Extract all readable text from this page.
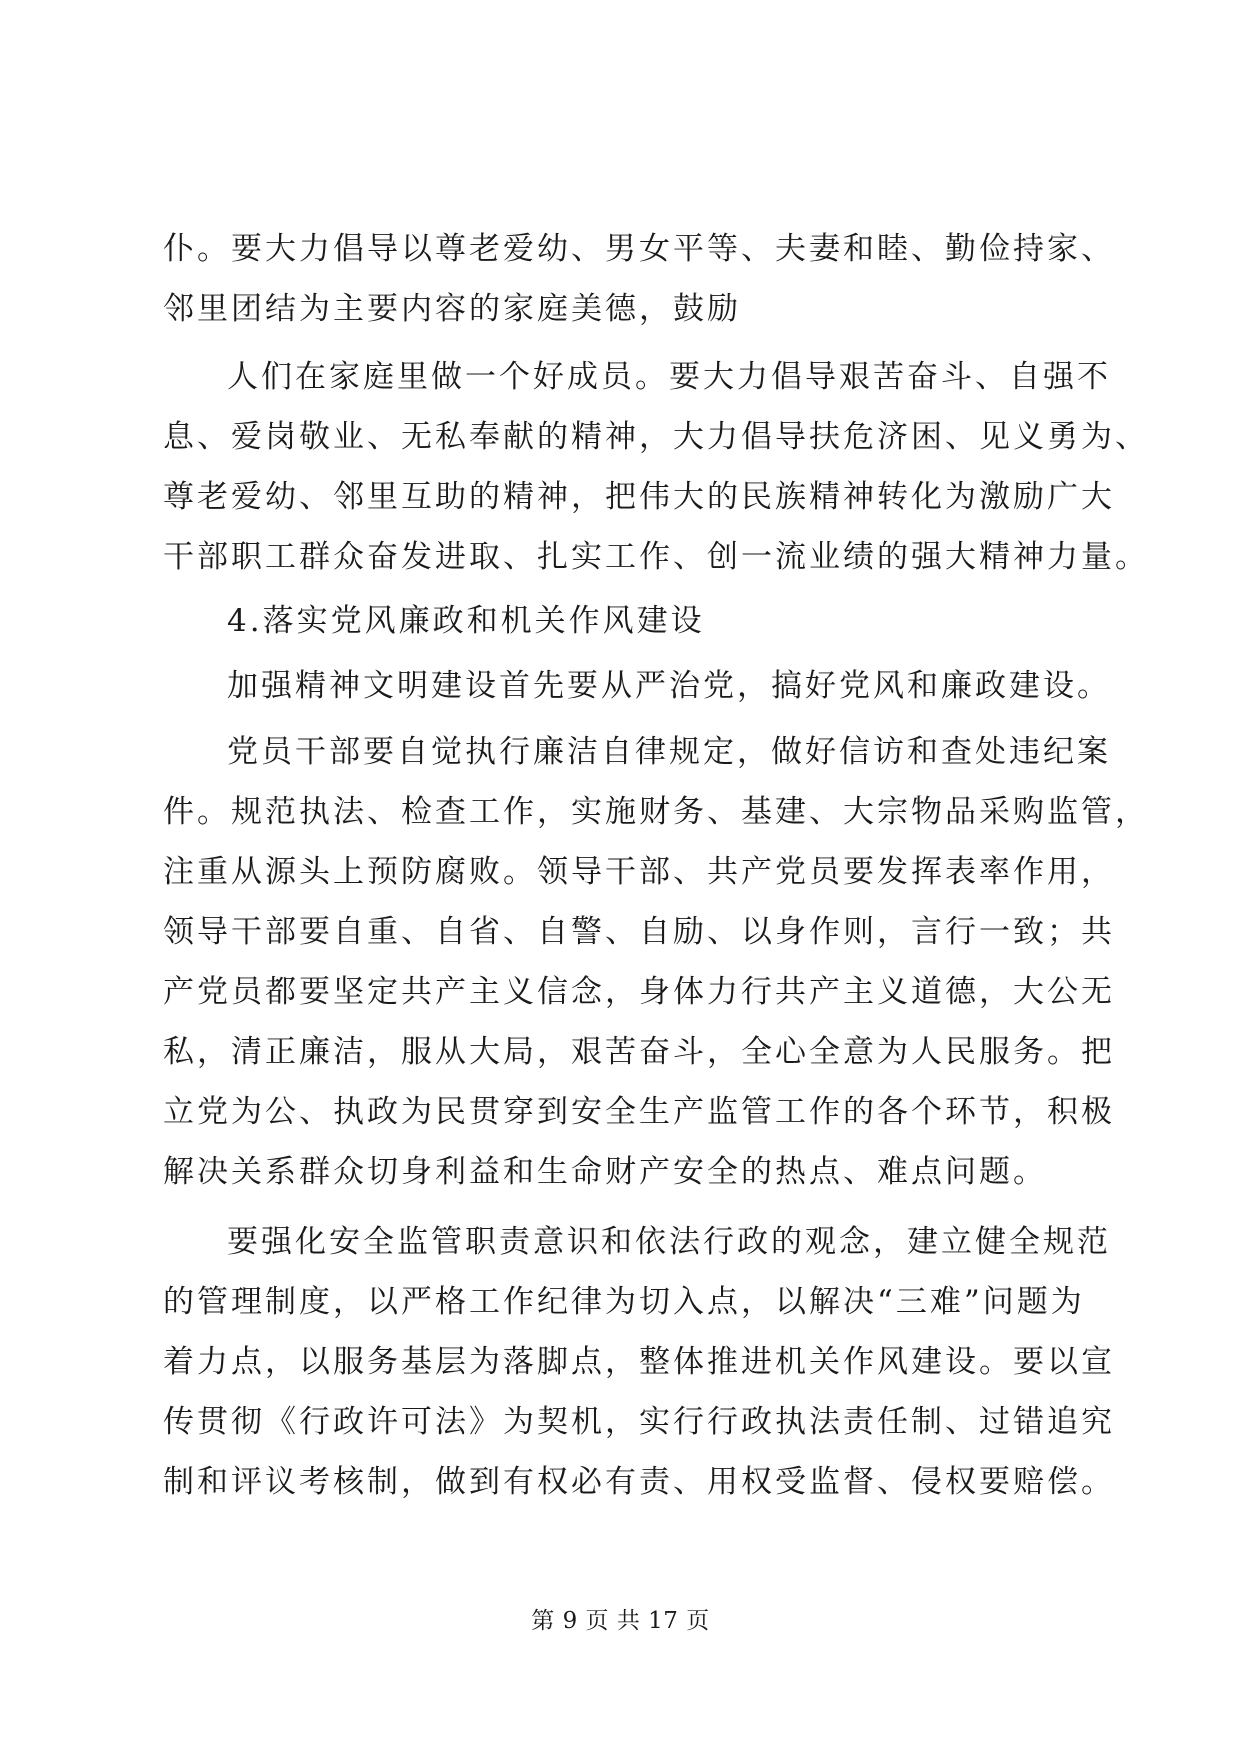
仆。要大力倡导以尊老爱幼、男女平等、夫妻和睦、勤俭持家、
邻里团结为主要内容的家庭美德，鼓励
人们在家庭里做一个好成员。要大力倡导艰苦奋斗、自强不
息、爱岗敬业、无私奉献的精神，大力倡导扶危济困、见义勇为、
尊老爱幼、邻里互助的精神，把伟大的民族精神转化为激励广大
干部职工群众奋发进取、扎实工作、创一流业绩的强大精神力量。
4.落实党风廉政和机关作风建设
加强精神文明建设首先要从严治党，搞好党风和廉政建设。
党员干部要自觉执行廉洁自律规定，做好信访和查处违纪案
件。规范执法、检查工作，实施财务、基建、大宗物品采购监管，
注重从源头上预防腐败。领导干部、共产党员要发挥表率作用，
领导干部要自重、自省、自警、自励、以身作则，言行一致；共
产党员都要坚定共产主义信念，身体力行共产主义道德，大公无
私，清正廉洁，服从大局，艰苦奋斗，全心全意为人民服务。把
立党为公、执政为民贯穿到安全生产监管工作的各个环节，积极
解决关系群众切身利益和生命财产安全的热点、难点问题。
要强化安全监管职责意识和依法行政的观念，建立健全规范
的管理制度，以严格工作纪律为切入点，以解决“三难”问题为
着力点，以服务基层为落脚点，整体推进机关作风建设。要以宣
传贯彻《行政许可法》为契机，实行行政执法责任制、过错追究
制和评议考核制，做到有权必有责、用权受监督、侵权要赔偿。
第 9 页 共 17 页
